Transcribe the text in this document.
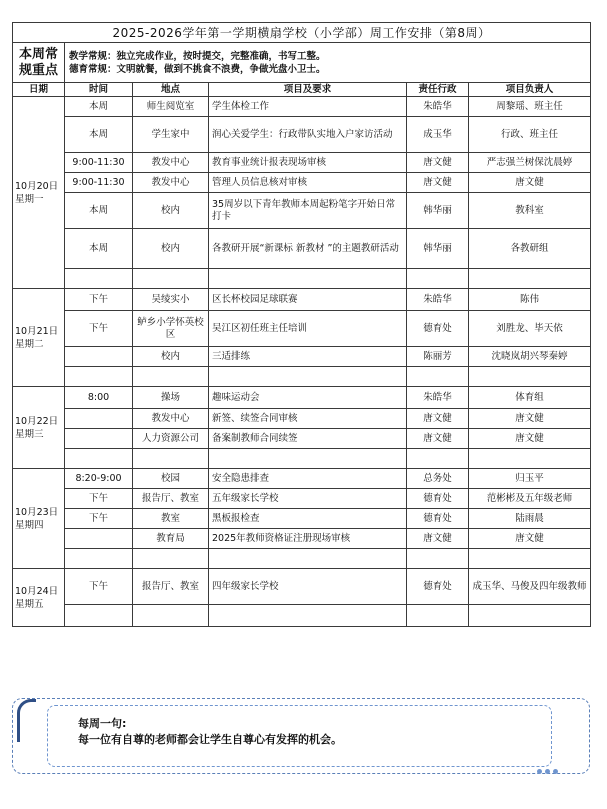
2025-2026学年第一学期横扇学校（小学部）周工作安排（第8周）					
本周常规重点	教学常规：独立完成作业，按时提交，完整准确，书写工整。
德育常规：文明就餐，做到不挑食不浪费，争做光盘小卫士。				

日期	时间	地点	项目及要求	责任行政	项目负责人

10月20日
星期一	本周	师生阅览室	学生体检工作	朱皓华	周黎瑶、班主任
	本周	学生家中	润心关爱学生：行政带队实地入户家访活动	成玉华	行政、班主任
	9:00-11:30	教发中心	教育事业统计报表现场审核	唐文健	严志强兰树保沈晨婷
	9:00-11:30	教发中心	管理人员信息核对审核	唐文健	唐文健
	本周	校内	35周岁以下青年教师本周起粉笔字开始日常打卡	韩华丽	教科室
	本周	校内	各教研开展“新课标 新教材 ”的主题教研活动	韩华丽	各教研组

10月21日
星期二	下午	吴绫实小	区长杯校园足球联赛	朱皓华	陈伟
	下午	鲈乡小学怀英校区	吴江区初任班主任培训	德育处	刘胜龙、毕天依
		校内	三适排练	陈丽芳	沈晓岚胡兴琴秦婷

10月22日
星期三	8:00	操场	趣味运动会	朱皓华	体育组
		教发中心	新签、续签合同审核	唐文健	唐文健
		人力资源公司	备案制教师合同续签	唐文健	唐文健

10月23日
星期四	8:20-9:00	校园	安全隐患排查	总务处	归玉平
	下午	报告厅、教室	五年级家长学校	德育处	范彬彬及五年级老师
	下午	教室	黑板报检查	德育处	陆雨晨
		教育局	2025年教师资格证注册现场审核	唐文健	唐文健

10月24日
星期五	下午	报告厅、教室	四年级家长学校	德育处	成玉华、马俊及四年级教师

每周一句:
每一位有自尊的老师都会让学生自尊心有发挥的机会。
